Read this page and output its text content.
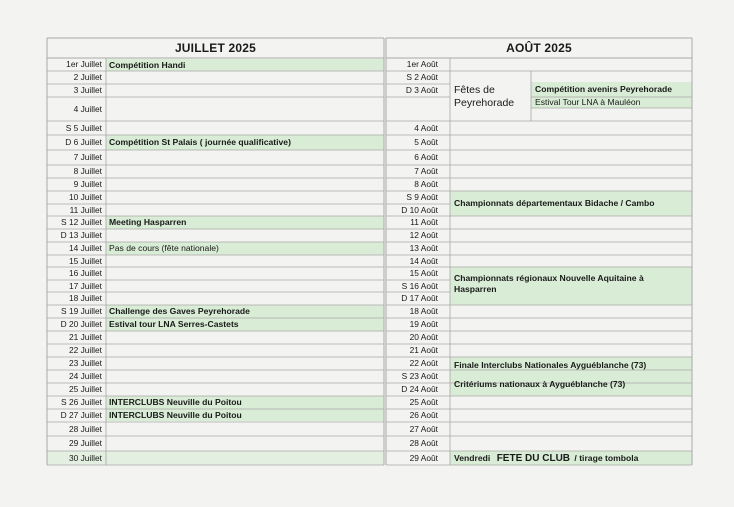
JUILLET 2025	AOÛT 2025
1er Juillet
2 Juillet
3 Juillet
4 Juillet
S 5 Juillet
D 6 Juillet
7 Juillet
8 Juillet
9 Juillet
10 Juillet
11 Juillet
S 12 Juillet
D 13 Juillet
14 Juillet
15 Juillet
16 Juillet
17 Juillet
18 Juillet
S 19 Juillet
D 20 Juillet
21 Juillet
22 Juillet
23 Juillet
24 Juillet
25 Juillet
S 26 Juillet
D 27 Juillet
28 Juillet
29 Juillet
30 Juillet
1er Août
S 2 Août
D 3 Août
4 Août
5 Août
6 Août
7 Août
8 Août
S 9 Août
D 10 Août
11 Août
12 Août
13 Août
14 Août
15 Août
S 16 Août
D 17 Août
18 Août
19 Août
20 Août
21 Août
22 Août
S 23 Août
D 24 Août
25 Août
26 Août
27 Août
28 Août
29 Août
Compétition Handi
Compétition St Palais ( journée qualificative)
Meeting Hasparren
Pas de cours (fête nationale)
Challenge des Gaves Peyrehorade
Estival tour LNA Serres-Castets
INTERCLUBS Neuville du Poitou
INTERCLUBS Neuville du Poitou
Fêtes de Peyrehorade
Compétition avenirs Peyrehorade
Estival Tour LNA à Mauléon
Championnats départementaux Bidache / Cambo
Championnats régionaux Nouvelle Aquitaine à Hasparren
Finale Interclubs Nationales Ayguéblanche (73)
Critériums nationaux à Ayguéblanche (73)
Vendredi FETE DU CLUB / tirage tombola
